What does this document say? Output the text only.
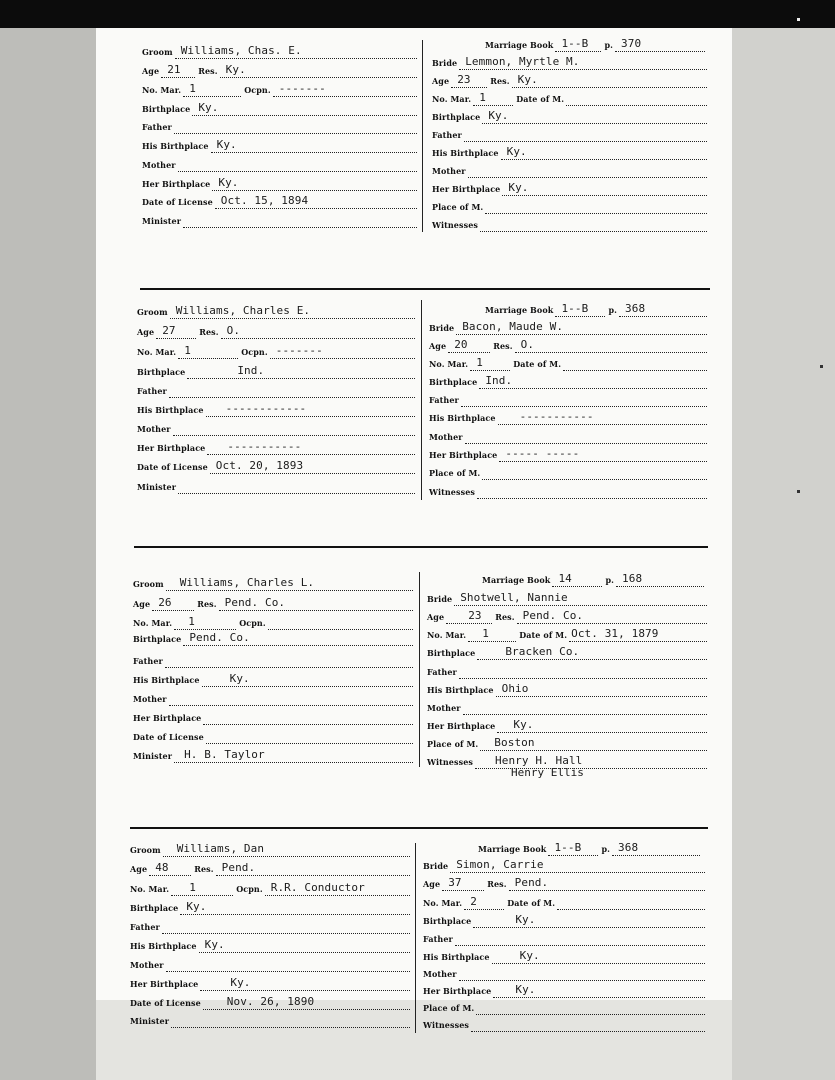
Groom Williams, Chas. E.
Age 21 Res. Ky.
No. Mar. 1	Ocpn. -------
Birthplace Ky.
Father
His Birthplace Ky.
Mother
Her Birthplace Ky.
Date of License Oct. 15, 1894
Minister
Marriage Book 1--B p. 370
Bride Lemmon, Myrtle M.
Age 23 Res. Ky.
No. Mar. 1	Date of M.
Birthplace Ky.
Father
His Birthplace Ky.
Mother
Her Birthplace Ky.
Place of M.
Witnesses
Groom Williams, Charles E.
Age 27	Res. O.
No. Mar. 1	Ocpn. -------
Birthplace	Ind.
Father
His Birthplace ------------
Mother
Her Birthplace -----------
Date of License Oct. 20, 1893
Minister
Marriage Book 1--B	p. 368
Bride Bacon, Maude W.
Age 20	Res. O.
No. Mar. 1	Date of M.
Birthplace Ind.
Father
His Birthplace -----------
Mother
Her Birthplace ----- -----
Place of M.
Witnesses
Groom Williams, Charles L.
Age 26	Res. Pend. Co.
No. Mar. 1	Ocpn.
Birthplace Pend. Co.
Father
His Birthplace	Ky.
Mother
Her Birthplace
Date of License
Minister H. B. Taylor
Marriage Book 14	p. 168
Bride Shotwell, Nannie
Age 23 Res. Pend. Co.
No. Mar. 1	Date of M. Oct. 31, 1879
Birthplace	Bracken Co.
Father
His Birthplace Ohio
Mother
Her Birthplace Ky.
Place of M. Boston
Witnesses Henry H. Hall
Henry Ellis
Groom Williams, Dan
Age 48	Res. Pend.
No. Mar. 1	Ocpn. R.R. Conductor
Birthplace Ky.
Father
His Birthplace Ky.
Mother
Her Birthplace	Ky.
Date of License Nov. 26, 1890
Minister
Marriage Book 1--B	p. 368
Bride Simon, Carrie
Age 37	Res. Pend.
No. Mar. 2	Date of M.
Birthplace	Ky.
Father
His Birthplace	Ky.
Mother
Her Birthplace Ky.
Place of M.
Witnesses
